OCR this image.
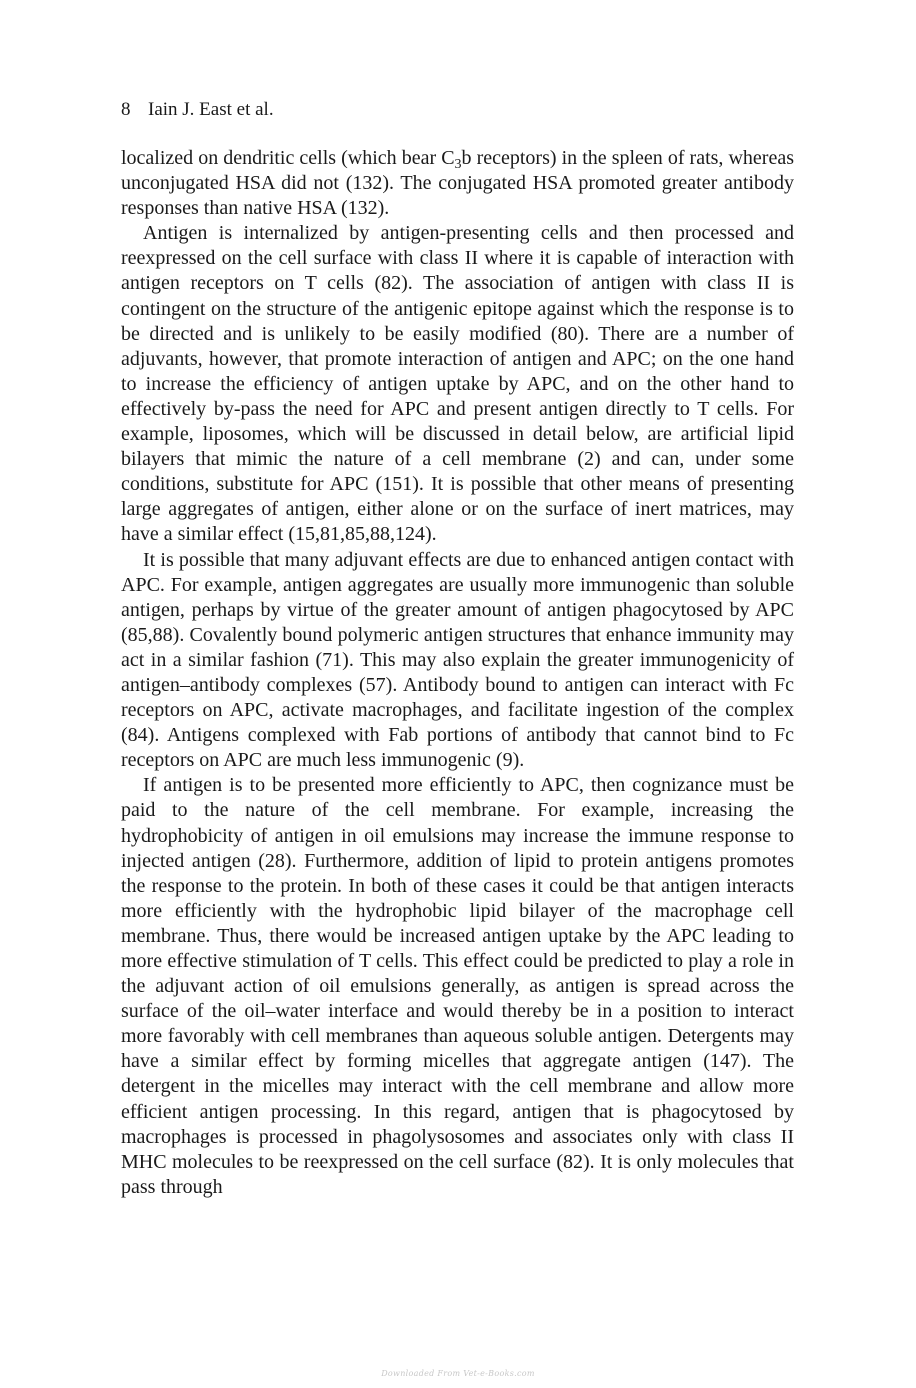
8 Iain J. East et al.

localized on dendritic cells (which bear $C_3b$ receptors) in the spleen of rats, whereas unconjugated HSA did not (132). The conjugated HSA promoted greater antibody responses than native HSA (132).

Antigen is internalized by antigen-presenting cells and then processed and reexpressed on the cell surface with class II where it is capable of interaction with antigen receptors on T cells (82). The association of antigen with class II is contingent on the structure of the antigenic epitope against which the response is to be directed and is unlikely to be easily modified (80). There are a number of adjuvants, however, that promote interaction of antigen and APC; on the one hand to increase the efficiency of antigen uptake by APC, and on the other hand to effectively by-pass the need for APC and present antigen directly to T cells. For example, liposomes, which will be discussed in detail below, are artificial lipid bilayers that mimic the nature of a cell membrane (2) and can, under some conditions, substitute for APC (151). It is possible that other means of presenting large aggregates of antigen, either alone or on the surface of inert matrices, may have a similar effect (15,81,85,88,124).

It is possible that many adjuvant effects are due to enhanced antigen contact with APC. For example, antigen aggregates are usually more immunogenic than soluble antigen, perhaps by virtue of the greater amount of antigen phagocytosed by APC (85,88). Covalently bound polymeric antigen structures that enhance immunity may act in a similar fashion (71). This may also explain the greater immunogenicity of antigen–antibody complexes (57). Antibody bound to antigen can interact with Fc receptors on APC, activate macrophages, and facilitate ingestion of the complex (84). Antigens complexed with Fab portions of antibody that cannot bind to Fc receptors on APC are much less immunogenic (9).

If antigen is to be presented more efficiently to APC, then cognizance must be paid to the nature of the cell membrane. For example, increasing the hydrophobicity of antigen in oil emulsions may increase the immune response to injected antigen (28). Furthermore, addition of lipid to protein antigens promotes the response to the protein. In both of these cases it could be that antigen interacts more efficiently with the hydrophobic lipid bilayer of the macrophage cell membrane. Thus, there would be increased antigen uptake by the APC leading to more effective stimulation of T cells. This effect could be predicted to play a role in the adjuvant action of oil emulsions generally, as antigen is spread across the surface of the oil–water interface and would thereby be in a position to interact more favorably with cell membranes than aqueous soluble antigen. Detergents may have a similar effect by forming micelles that aggregate antigen (147). The detergent in the micelles may interact with the cell membrane and allow more efficient antigen processing. In this regard, antigen that is phagocytosed by macrophages is processed in phagolysosomes and associates only with class II MHC molecules to be reexpressed on the cell surface (82). It is only molecules that pass through

Downloaded From Vet-e-Books.com
